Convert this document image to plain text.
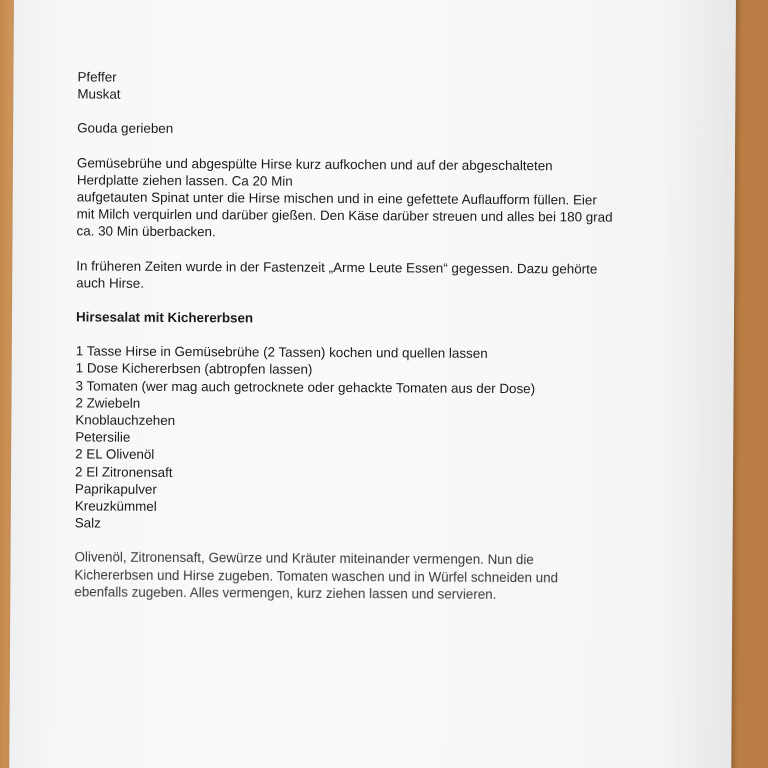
Pfeffer

Muskat

Gouda gerieben

Gemüsebrühe und abgespülte Hirse kurz aufkochen und auf der abgeschalteten

Herdplatte ziehen lassen. Ca 20 Min

aufgetauten Spinat unter die Hirse mischen und in eine gefettete Auflaufform füllen. Eier

mit Milch verquirlen und darüber gießen. Den Käse darüber streuen und alles bei 180 grad

ca. 30 Min überbacken.

In früheren Zeiten wurde in der Fastenzeit „Arme Leute Essen“ gegessen. Dazu gehörte

auch Hirse.

Hirsesalat mit Kichererbsen

1 Tasse Hirse in Gemüsebrühe (2 Tassen) kochen und quellen lassen

1 Dose Kichererbsen (abtropfen lassen)

3 Tomaten (wer mag auch getrocknete oder gehackte Tomaten aus der Dose)

2 Zwiebeln

Knoblauchzehen

Petersilie

2 EL Olivenöl

2 El Zitronensaft

Paprikapulver

Kreuzkümmel

Salz

Olivenöl, Zitronensaft, Gewürze und Kräuter miteinander vermengen. Nun die

Kichererbsen und Hirse zugeben. Tomaten waschen und in Würfel schneiden und

ebenfalls zugeben. Alles vermengen, kurz ziehen lassen und servieren.
